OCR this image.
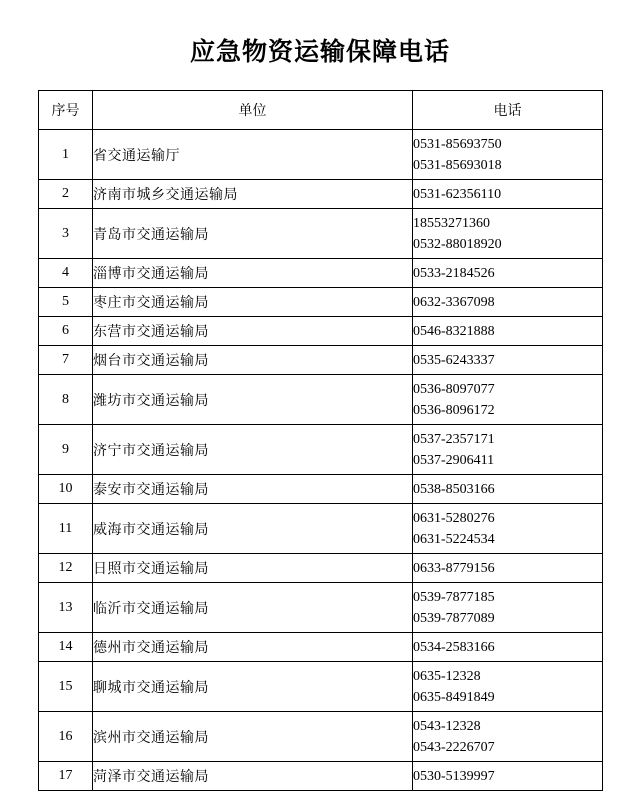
应急物资运输保障电话
序号	单位	电话
1	省交通运输厅	0531-85693750
0531-85693018

2	济南市城乡交通运输局	0531-62356110

3	青岛市交通运输局	18553271360
0532-88018920

4	淄博市交通运输局	0533-2184526

5	枣庄市交通运输局	0632-3367098

6	东营市交通运输局	0546-8321888

7	烟台市交通运输局	0535-6243337

8	潍坊市交通运输局	0536-8097077
0536-8096172

9	济宁市交通运输局	0537-2357171
0537-2906411

10	泰安市交通运输局	0538-8503166

11	威海市交通运输局	0631-5280276
0631-5224534

12	日照市交通运输局	0633-8779156

13	临沂市交通运输局	0539-7877185
0539-7877089

14	德州市交通运输局	0534-2583166

15	聊城市交通运输局	0635-12328
0635-8491849

16	滨州市交通运输局	0543-12328
0543-2226707

17	菏泽市交通运输局	0530-5139997
